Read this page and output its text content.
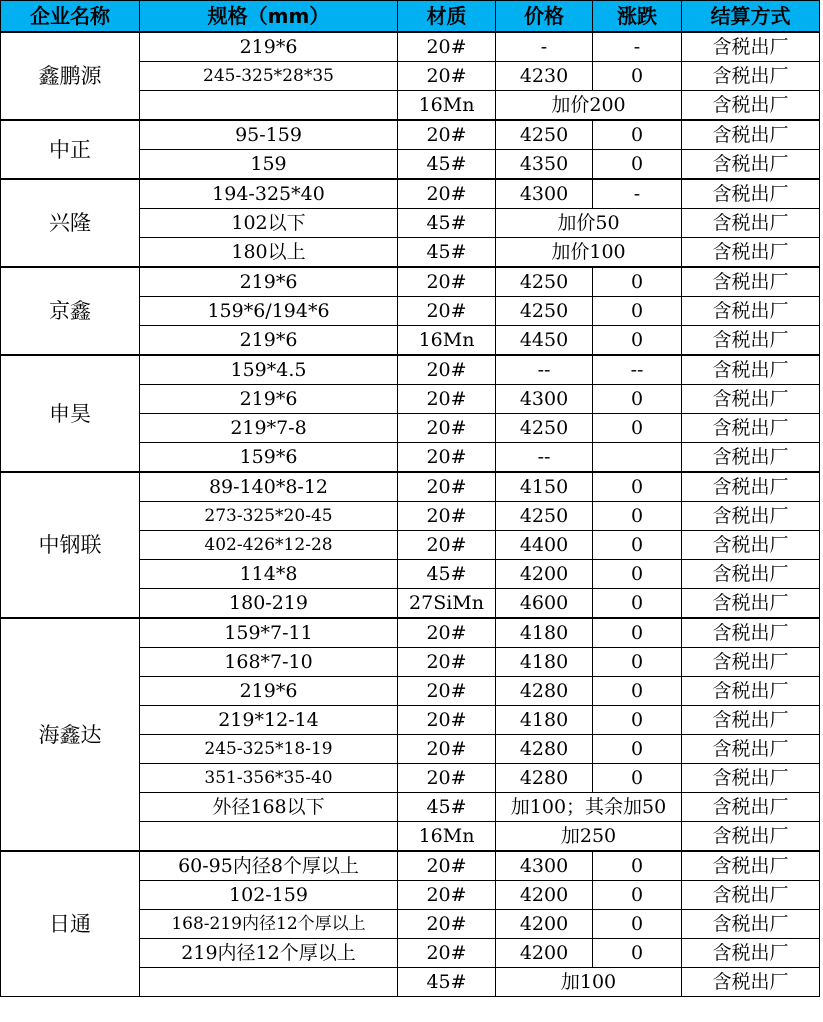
企业名称	规格（mm）	材质	价格	涨跌	结算方式
鑫鹏源	219*6	20#	-	-	含税出厂
	245-325*28*35	20#	4230	0	含税出厂
		16Mn	加价200		含税出厂
中正	95-159	20#	4250	0	含税出厂
	159	45#	4350	0	含税出厂
兴隆	194-325*40	20#	4300	-	含税出厂
	102以下	45#	加价50		含税出厂
	180以上	45#	加价100		含税出厂
京鑫	219*6	20#	4250	0	含税出厂
	159*6/194*6	20#	4250	0	含税出厂
	219*6	16Mn	4450	0	含税出厂
申昊	159*4.5	20#	--	--	含税出厂
	219*6	20#	4300	0	含税出厂
	219*7-8	20#	4250	0	含税出厂
	159*6	20#	--		含税出厂
中钢联	89-140*8-12	20#	4150	0	含税出厂
	273-325*20-45	20#	4250	0	含税出厂
	402-426*12-28	20#	4400	0	含税出厂
	114*8	45#	4200	0	含税出厂
	180-219	27SiMn	4600	0	含税出厂
海鑫达	159*7-11	20#	4180	0	含税出厂
	168*7-10	20#	4180	0	含税出厂
	219*6	20#	4280	0	含税出厂
	219*12-14	20#	4180	0	含税出厂
	245-325*18-19	20#	4280	0	含税出厂
	351-356*35-40	20#	4280	0	含税出厂
	外径168以下	45#	加100；其余加50		含税出厂
		16Mn	加250		含税出厂
日通	60-95内径8个厚以上	20#	4300	0	含税出厂
	102-159	20#	4200	0	含税出厂
	168-219内径12个厚以上	20#	4200	0	含税出厂
	219内径12个厚以上	20#	4200	0	含税出厂
		45#	加100		含税出厂
